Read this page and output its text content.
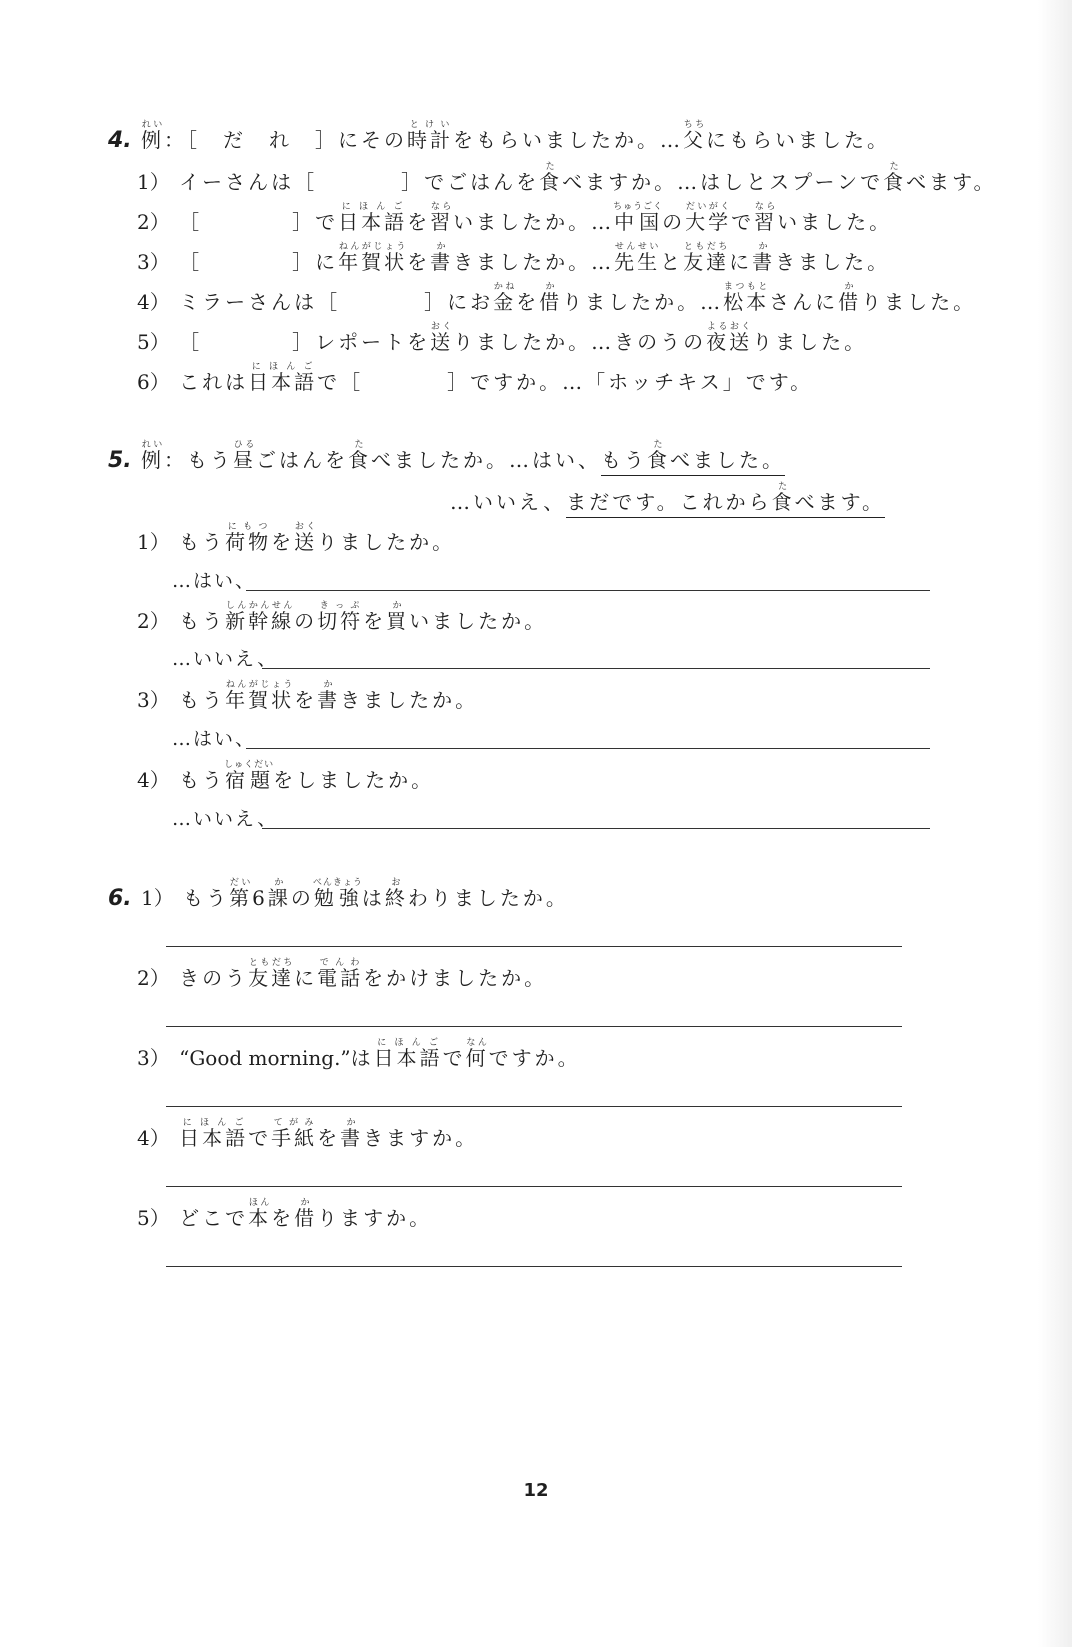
4. 例れい：［　だ　れ　］にその時計とけいをもらいましたか。…父ちちにもらいました。
1） イーさんは［	］でごはんを食たべますか。…はしとスプーンで食たべます。
2） ［	］で日本語にほんごを習ならいましたか。…中国ちゅうごくの大学だいがくで習ならいました。
3） ［	］に年賀状ねんがじょうを書かきましたか。…先生せんせいと友達ともだちに書かきました。
4） ミラーさんは［	］にお金かねを借かりましたか。…松本まつもとさんに借かりました。
5） ［	］レポートを送おくりましたか。…きのうの夜よる送おくりました。
6） これは日本語にほんごで［	］ですか。…「ホッチキス」です。
5. 例れい：もう昼ひるごはんを食たべましたか。…はい、もう食たべました。
…いいえ、まだです。これから食たべます。
1） もう荷物にもつを送おくりましたか。
…はい、
2） もう新幹線しんかんせんの切符きっぷを買かいましたか。
…いいえ、
3） もう年賀状ねんがじょうを書かきましたか。
…はい、
4） もう宿題しゅくだいをしましたか。
…いいえ、
6. 1） もう第だい6課かの勉強べんきょうは終おわりましたか。
2） きのう友達ともだちに電話でんわをかけましたか。
3） “Good morning.”は日本語にほんごで何なんですか。
4） 日本語にほんごで手紙てがみを書かきますか。
5） どこで本ほんを借かりますか。
12
